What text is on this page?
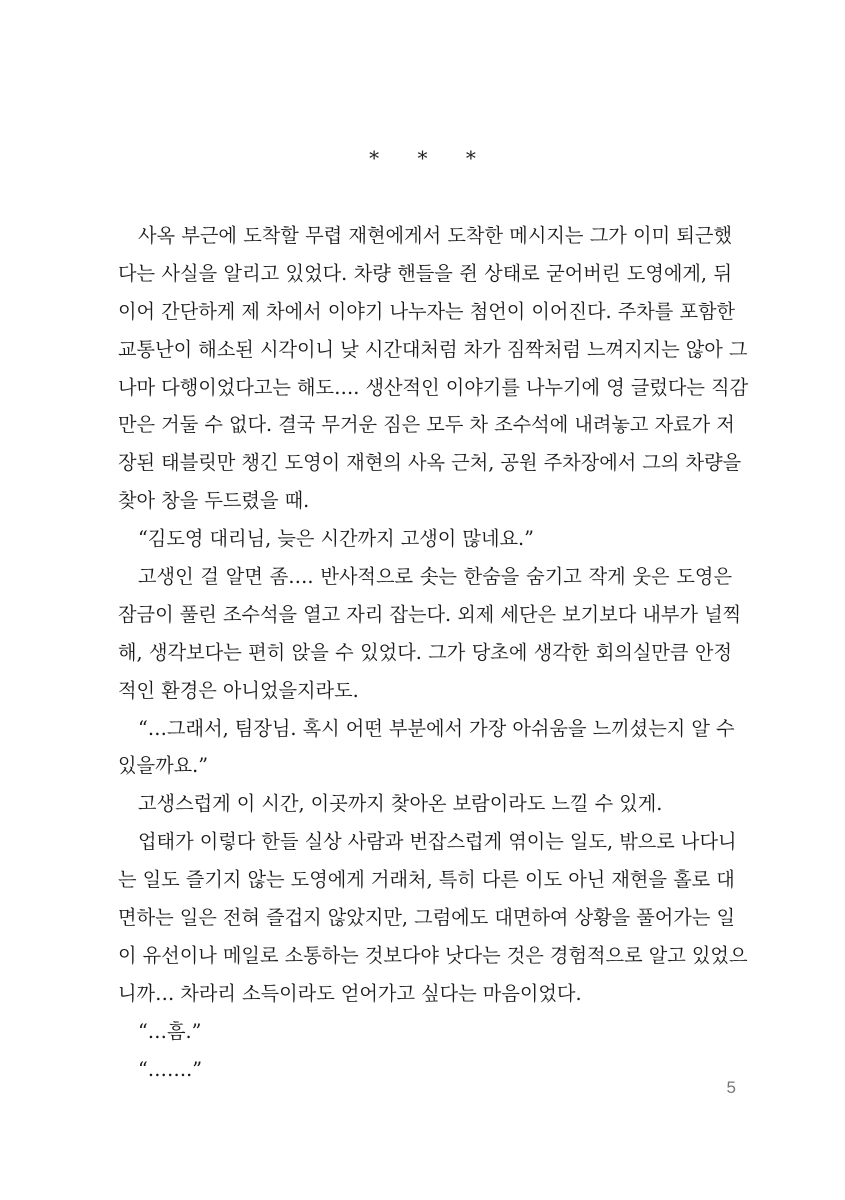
* * *
사옥 부근에 도착할 무렵 재현에게서 도착한 메시지는 그가 이미 퇴근했
다는 사실을 알리고 있었다. 차량 핸들을 쥔 상태로 굳어버린 도영에게, 뒤
이어 간단하게 제 차에서 이야기 나누자는 첨언이 이어진다. 주차를 포함한
교통난이 해소된 시각이니 낮 시간대처럼 차가 짐짝처럼 느껴지지는 않아 그
나마 다행이었다고는 해도…. 생산적인 이야기를 나누기에 영 글렀다는 직감
만은 거둘 수 없다. 결국 무거운 짐은 모두 차 조수석에 내려놓고 자료가 저
장된 태블릿만 챙긴 도영이 재현의 사옥 근처, 공원 주차장에서 그의 차량을
찾아 창을 두드렸을 때.
“김도영 대리님, 늦은 시간까지 고생이 많네요.”
고생인 걸 알면 좀…. 반사적으로 솟는 한숨을 숨기고 작게 웃은 도영은
잠금이 풀린 조수석을 열고 자리 잡는다. 외제 세단은 보기보다 내부가 널찍
해, 생각보다는 편히 앉을 수 있었다. 그가 당초에 생각한 회의실만큼 안정
적인 환경은 아니었을지라도.
“…그래서, 팀장님. 혹시 어떤 부분에서 가장 아쉬움을 느끼셨는지 알 수
있을까요.”
고생스럽게 이 시간, 이곳까지 찾아온 보람이라도 느낄 수 있게.
업태가 이렇다 한들 실상 사람과 번잡스럽게 엮이는 일도, 밖으로 나다니
는 일도 즐기지 않는 도영에게 거래처, 특히 다른 이도 아닌 재현을 홀로 대
면하는 일은 전혀 즐겁지 않았지만, 그럼에도 대면하여 상황을 풀어가는 일
이 유선이나 메일로 소통하는 것보다야 낫다는 것은 경험적으로 알고 있었으
니까… 차라리 소득이라도 얻어가고 싶다는 마음이었다.
“…흠.”
“…….”
5
